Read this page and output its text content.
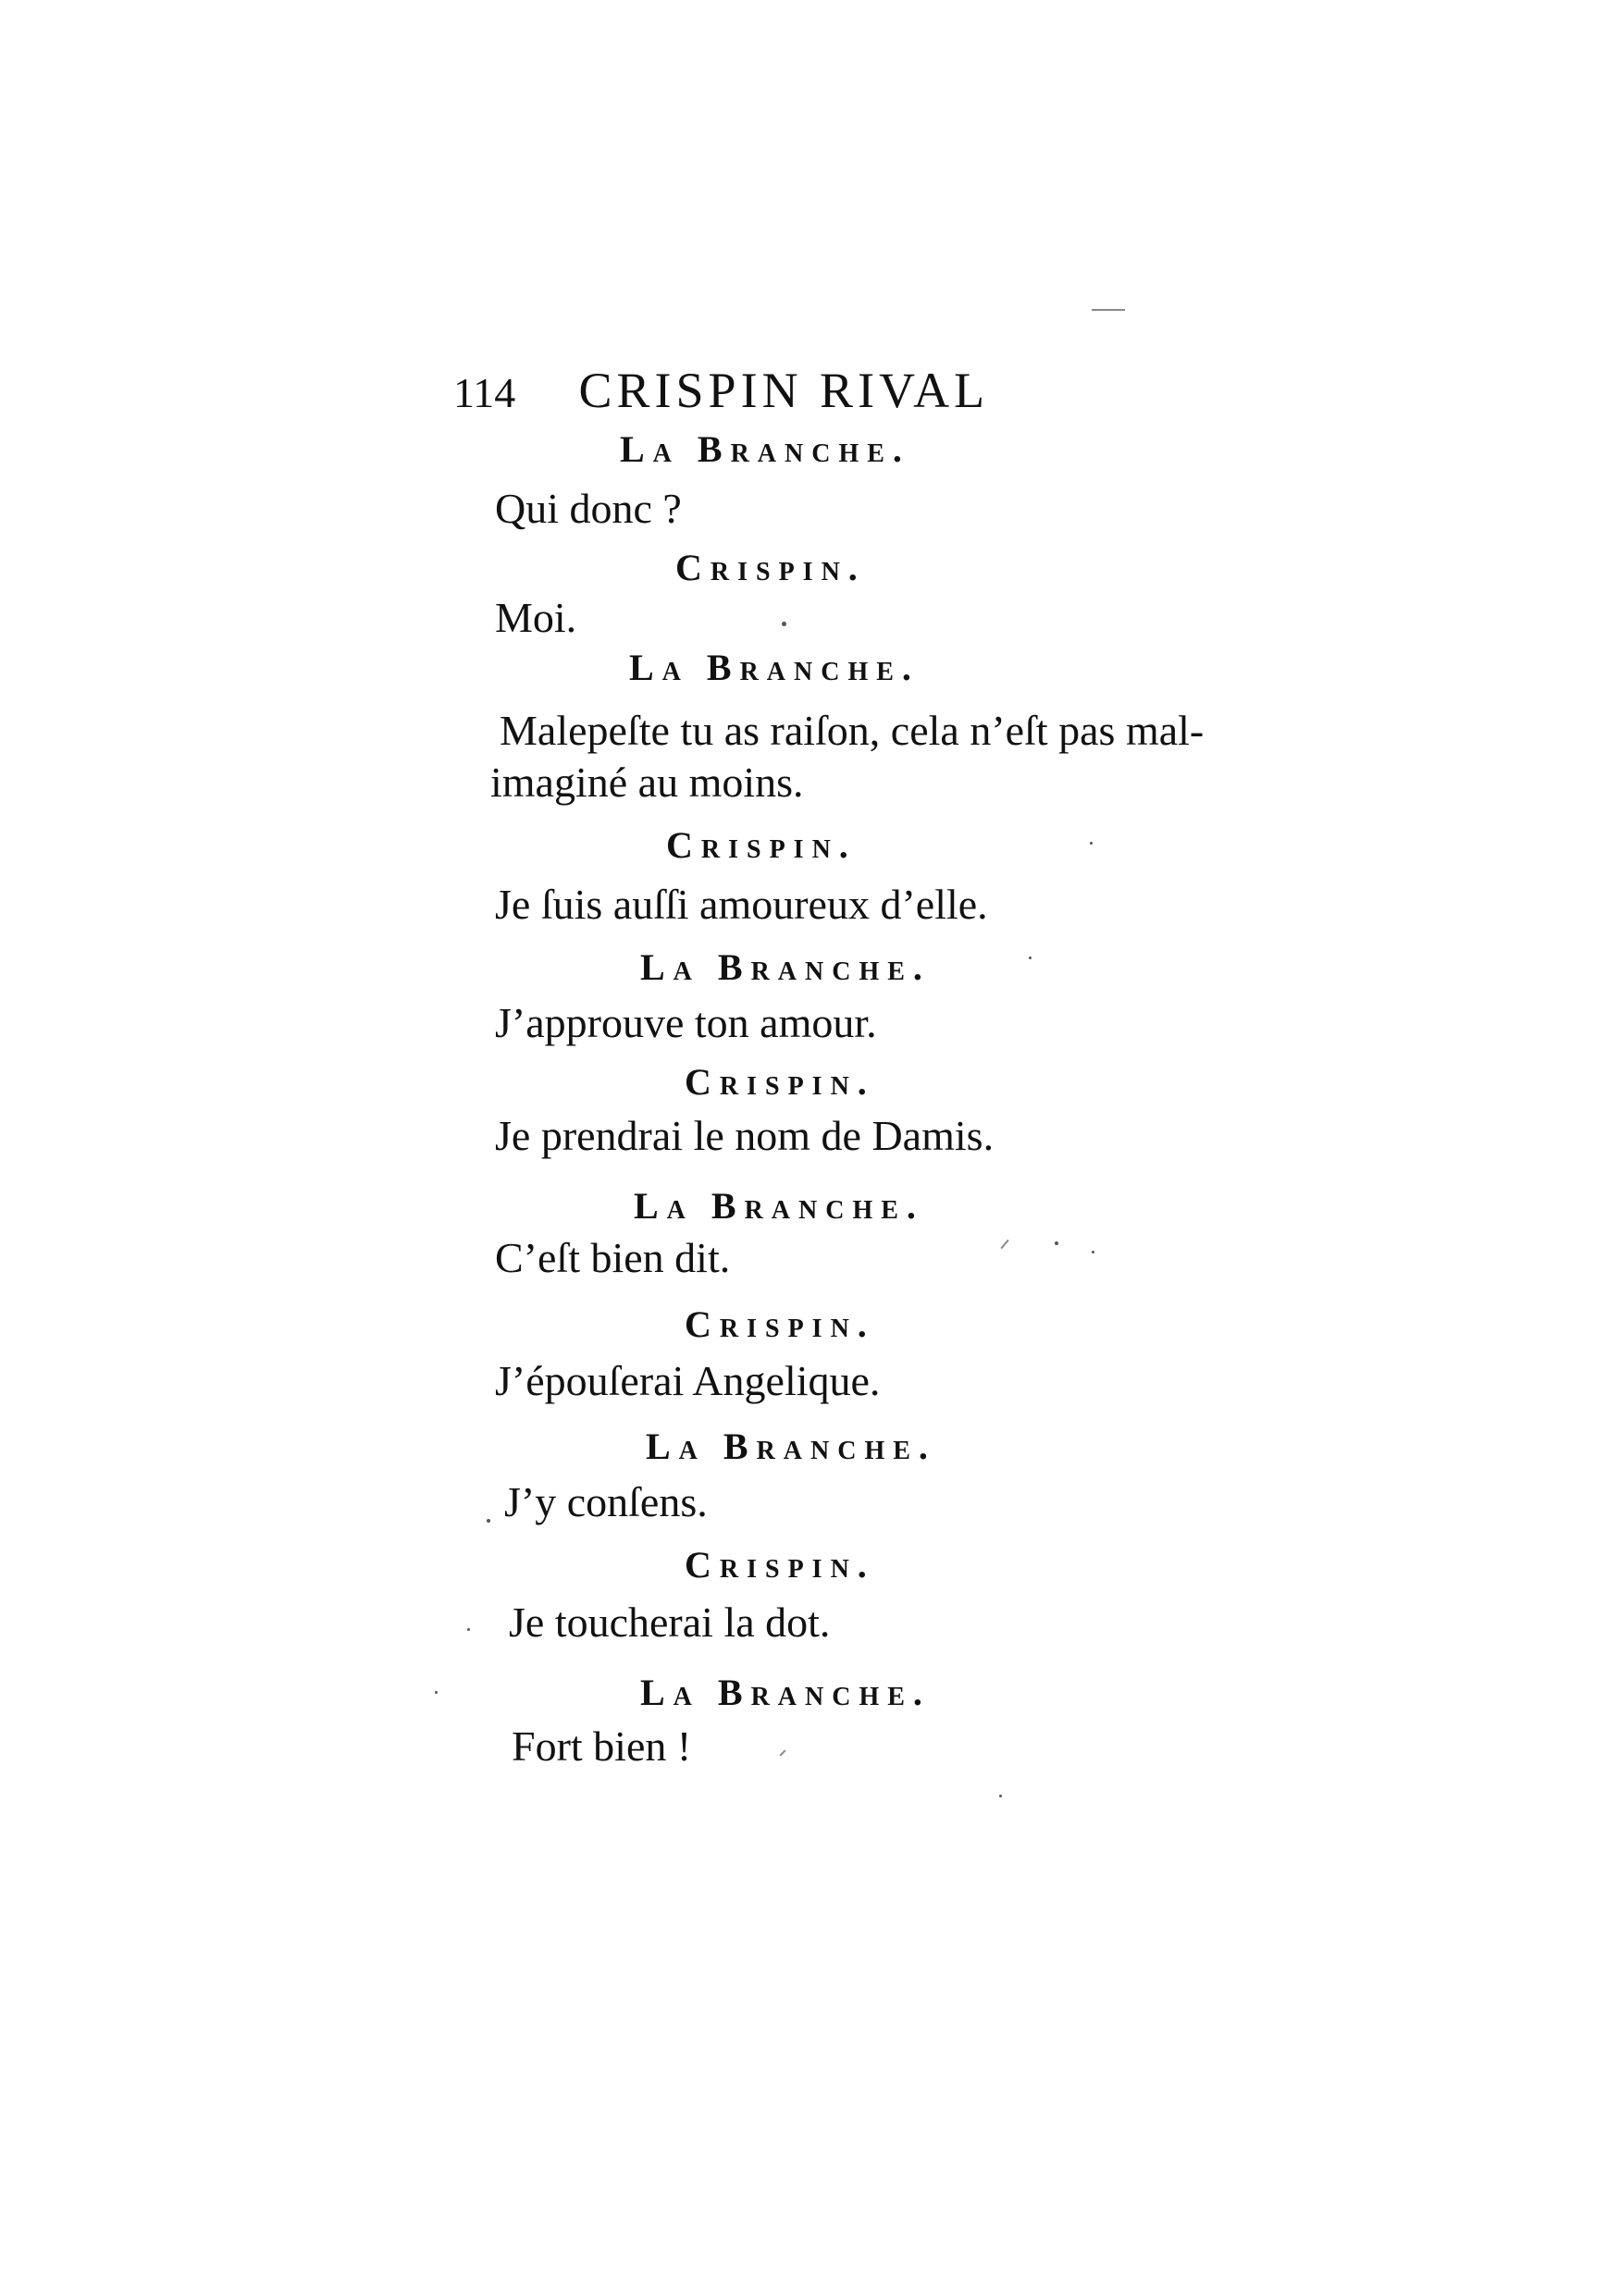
114 CRISPIN RIVAL
La Branche.
Qui donc ?
Crispin.
Moi.
La Branche.
Malepeſte tu as raiſon, cela n’eſt pas mal-imaginé au moins.
Crispin.
Je ſuis auſſi amoureux d’elle.
La Branche.
J’approuve ton amour.
Crispin.
Je prendrai le nom de Damis.
La Branche.
C’eſt bien dit.
Crispin.
J’épouſerai Angelique.
La Branche.
J’y conſens.
Crispin.
Je toucherai la dot.
La Branche.
Fort bien !
